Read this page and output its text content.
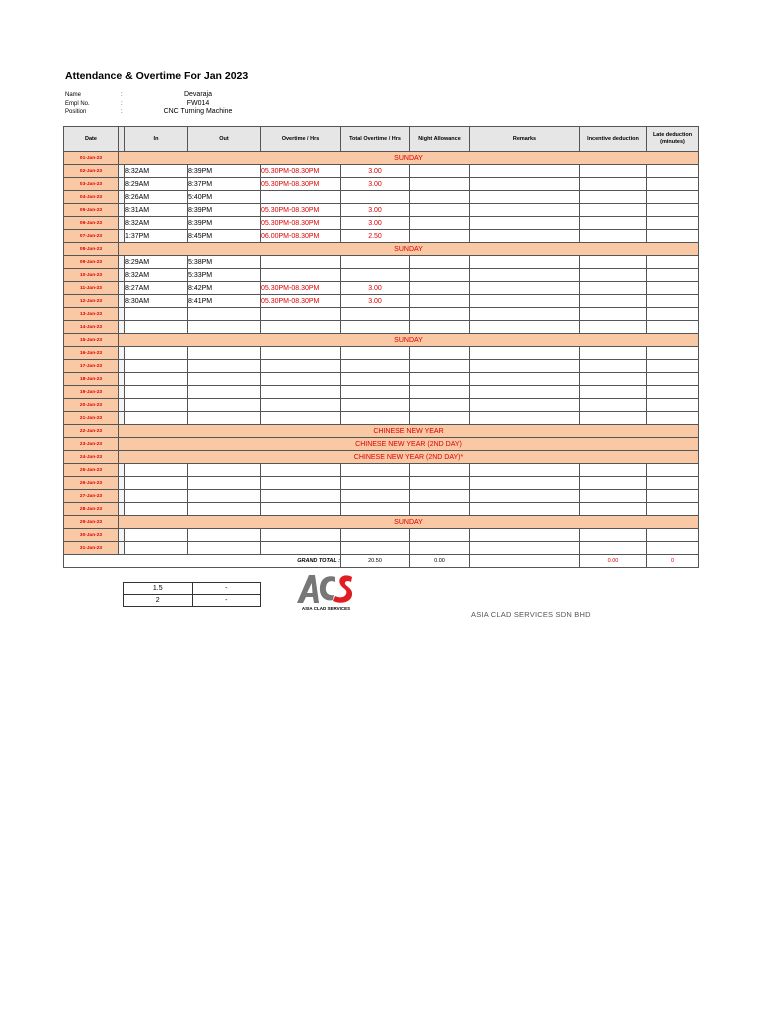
Attendance & Overtime For Jan 2023
Name	:	Devaraja
Empl No.	:	FW014
Position	:	CNC Turning Machine
Date		In	Out	Overtime / Hrs	Total Overtime / Hrs	Night Allowance	Remarks	Incentive deduction	Late deduction (minutes)
01-Jan-23	SUNDAY								
02-Jan-23		8:32AM	8:39PM	05.30PM-08.30PM	3.00				
03-Jan-23		8:29AM	8:37PM	05.30PM-08.30PM	3.00				
04-Jan-23		8:26AM	5:40PM						
05-Jan-23		8:31AM	8:39PM	05.30PM-08.30PM	3.00				
06-Jan-23		8:32AM	8:39PM	05.30PM-08.30PM	3.00				
07-Jan-23		1:37PM	8:45PM	06.00PM-08.30PM	2.50				
08-Jan-23	SUNDAY								
09-Jan-23		8:29AM	5:38PM						
10-Jan-23		8:32AM	5:33PM						
11-Jan-23		8:27AM	8:42PM	05.30PM-08.30PM	3.00				
12-Jan-23		8:30AM	8:41PM	05.30PM-08.30PM	3.00				
13-Jan-23									
14-Jan-23									
15-Jan-23	SUNDAY								
16-Jan-23									
17-Jan-23									
18-Jan-23									
19-Jan-23									
20-Jan-23									
21-Jan-23									
22-Jan-23	CHINESE NEW YEAR								
23-Jan-23	CHINESE NEW YEAR (2ND DAY)								
24-Jan-23	CHINESE NEW YEAR (2ND DAY)*								
25-Jan-23									
26-Jan-23									
27-Jan-23									
28-Jan-23									
29-Jan-23	SUNDAY								
30-Jan-23									
31-Jan-23									
GRAND TOTAL :					20.50	0.00		0.00	0
1.5	-
2	-
ASIA CLAD SERVICES
ASIA CLAD SERVICES SDN BHD
